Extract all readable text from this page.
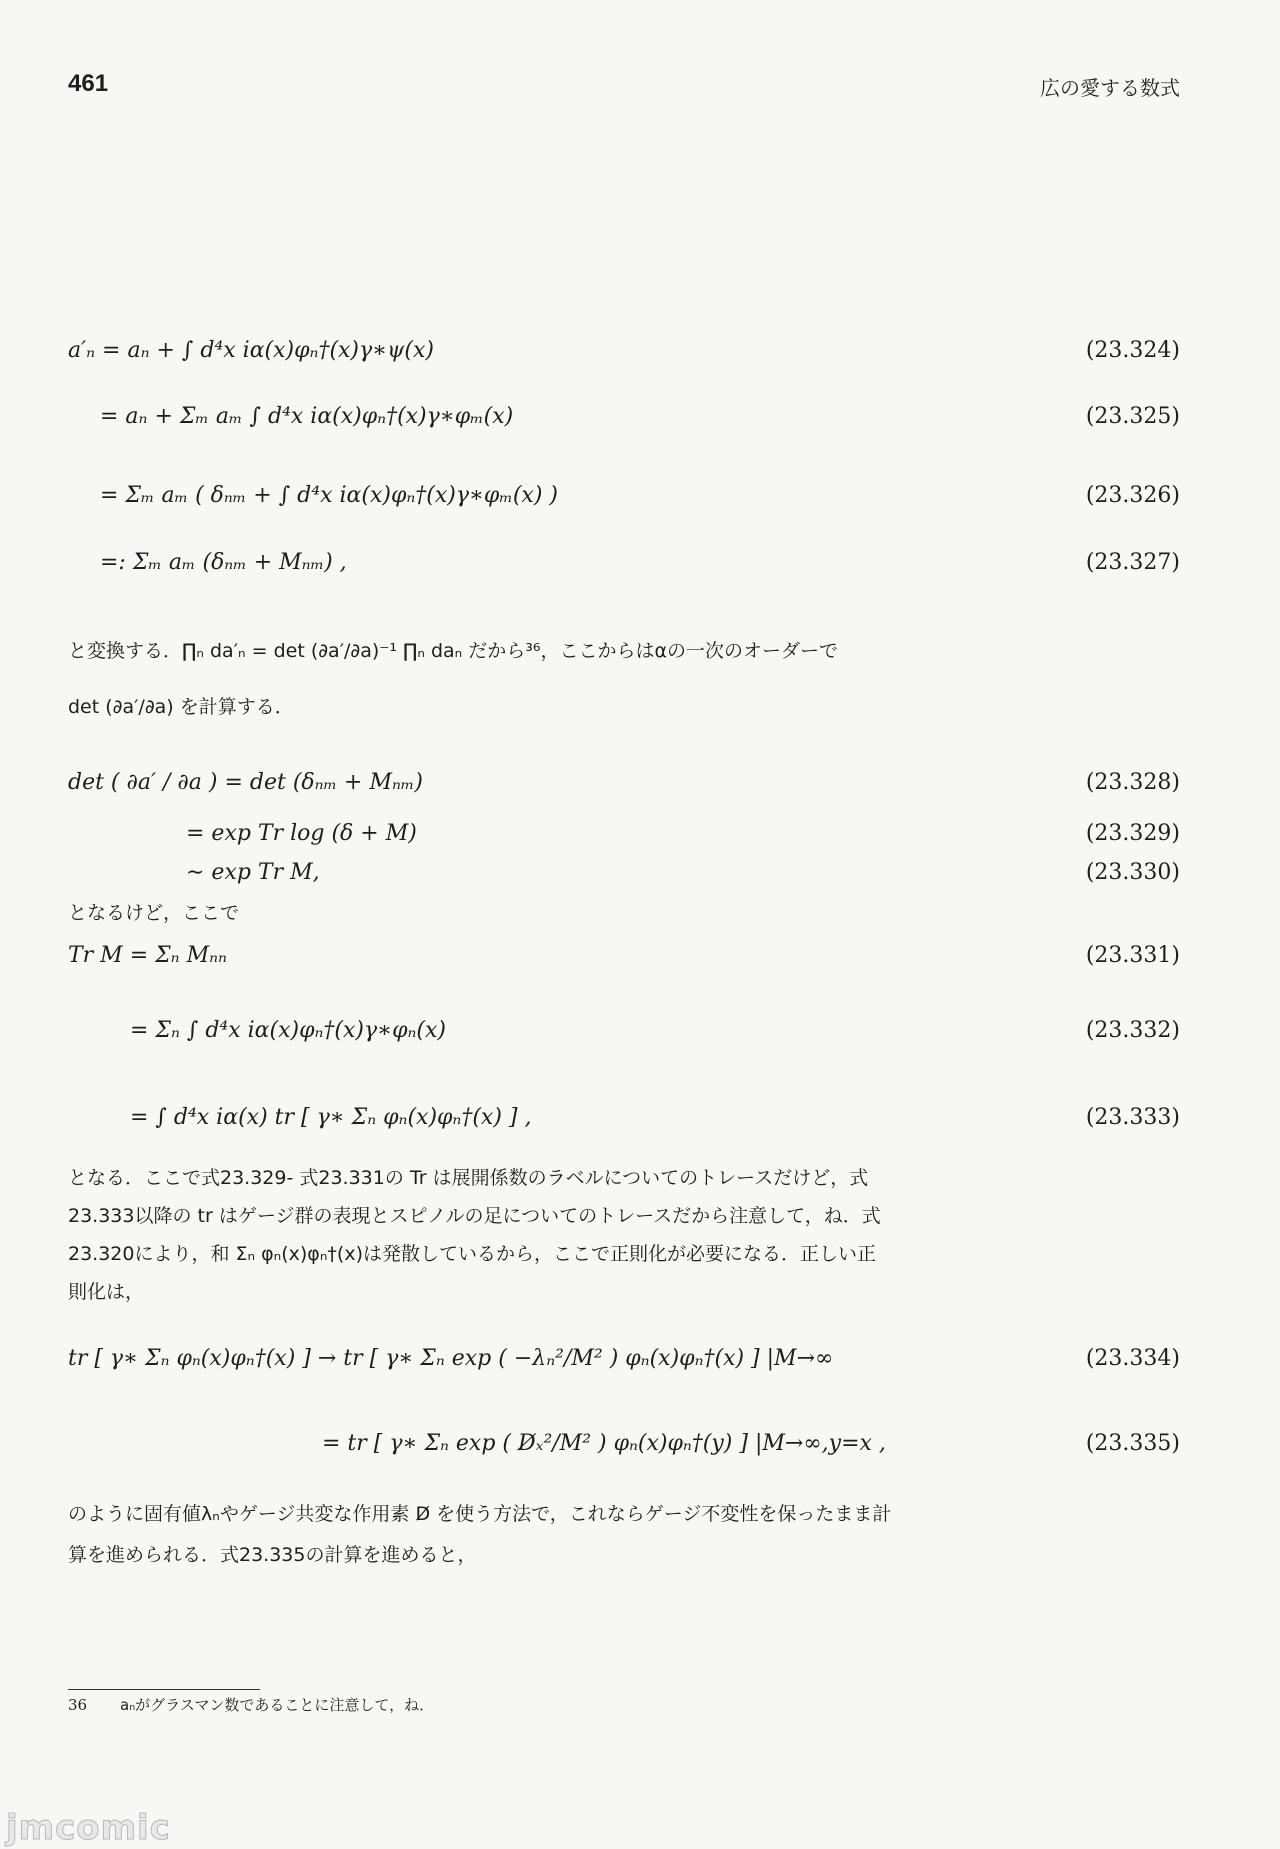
461	広の愛する数式
a′ₙ = aₙ + ∫ d⁴x iα(x)φₙ†(x)γ∗ψ(x)	(23.324)
= aₙ + Σₘ aₘ ∫ d⁴x iα(x)φₙ†(x)γ∗φₘ(x)	(23.325)
= Σₘ aₘ ( δₙₘ + ∫ d⁴x iα(x)φₙ†(x)γ∗φₘ(x) )	(23.326)
=: Σₘ aₘ (δₙₘ + Mₙₘ) ,	(23.327)
と変換する．∏ₙ da′ₙ = det (∂a′/∂a)⁻¹ ∏ₙ daₙ だから³⁶，ここからはαの一次のオーダーで
det (∂a′/∂a) を計算する．
det ( ∂a′ / ∂a ) = det (δₙₘ + Mₙₘ)	(23.328)
= exp Tr log (δ + M)	(23.329)
∼ exp Tr M,	(23.330)
となるけど，ここで
Tr M = Σₙ Mₙₙ	(23.331)
= Σₙ ∫ d⁴x iα(x)φₙ†(x)γ∗φₙ(x)	(23.332)
= ∫ d⁴x iα(x) tr [ γ∗ Σₙ φₙ(x)φₙ†(x) ] ,	(23.333)
となる．ここで式23.329- 式23.331の Tr は展開係数のラベルについてのトレースだけど，式
23.333以降の tr はゲージ群の表現とスピノルの足についてのトレースだから注意して，ね．式
23.320により，和 Σₙ φₙ(x)φₙ†(x)は発散しているから，ここで正則化が必要になる．正しい正
則化は，
tr [ γ∗ Σₙ φₙ(x)φₙ†(x) ] → tr [ γ∗ Σₙ exp ( −λₙ²/M² ) φₙ(x)φₙ†(x) ] |M→∞	(23.334)
= tr [ γ∗ Σₙ exp ( D̸ₓ²/M² ) φₙ(x)φₙ†(y) ] |M→∞,y=x ,	(23.335)
のように固有値λₙやゲージ共変な作用素 D̸ を使う方法で，これならゲージ不変性を保ったまま計
算を進められる．式23.335の計算を進めると，
36 aₙがグラスマン数であることに注意して，ね．
jmcomic
